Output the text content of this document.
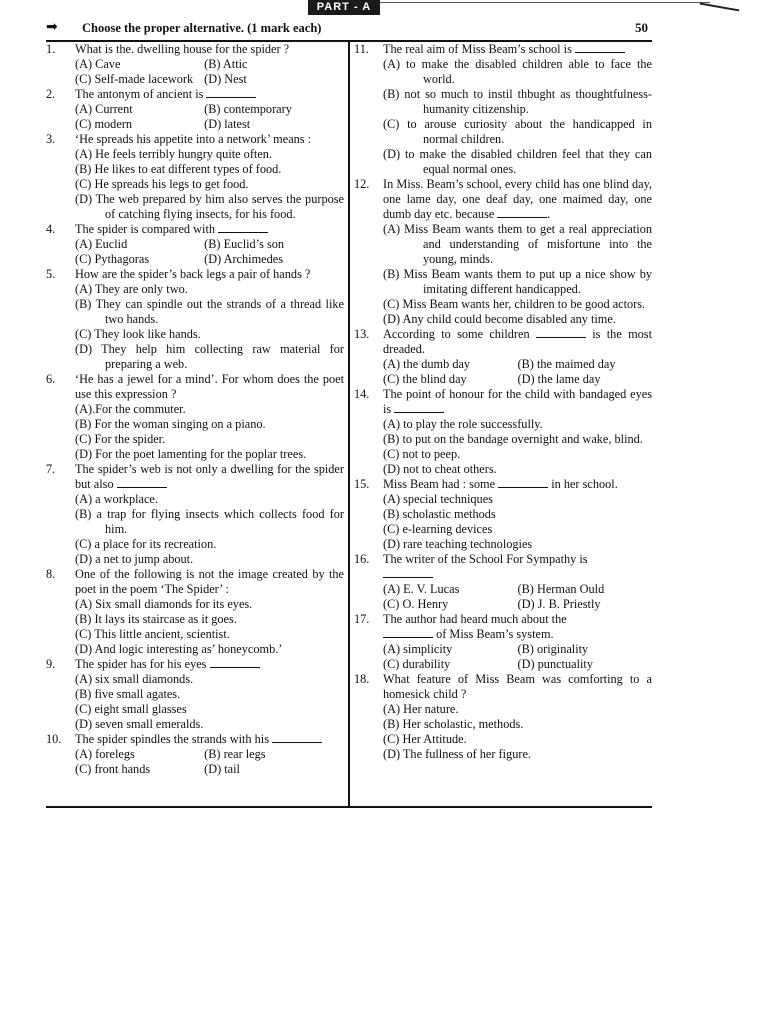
PART - A
➡ Choose the proper alternative. (1 mark each)	50
1. What is the. dwelling house for the spider ?
(A) Cave	(B) Attic
(C) Self-made lacework (D) Nest
2. The antonym of ancient is
(A) Current	(B) contemporary
(C) modern	(D) latest
3. ‘He spreads his appetite into a network’ means :
(A) He feels terribly hungry quite often.
(B) He likes to eat different types of food.
(C) He spreads his legs to get food.
(D) The web prepared by him also serves the purpose of catching flying insects, for his food.
4. The spider is compared with
(A) Euclid	(B) Euclid’s son
(C) Pythagoras	(D) Archimedes
5. How are the spider’s back legs a pair of hands ?
(A) They are only two.
(B) They can spindle out the strands of a thread like two hands.
(C) They look like hands.
(D) They help him collecting raw material for preparing a web.
6. ‘He has a jewel for a mind’. For whom does the poet use this expression ?
(A).For the commuter.
(B) For the woman singing on a piano.
(C) For the spider.
(D) For the poet lamenting for the poplar trees.
7. The spider’s web is not only a dwelling for the spider but also
(A) a workplace.
(B) a trap for flying insects which collects food for him.
(C) a place for its recreation.
(D) a net to jump about.
8. One of the following is not the image created by the poet in the poem ‘The Spider’ :
(A) Six small diamonds for its eyes.
(B) It lays its staircase as it goes.
(C) This little ancient, scientist.
(D) And logic interesting as’ honeycomb.’
9. The spider has for his eyes
(A) six small diamonds.
(B) five small agates.
(C) eight small glasses
(D) seven small emeralds.
10. The spider spindles the strands with his
(A) forelegs	(B) rear legs
(C) front hands	(D) tail
11. The real aim of Miss Beam’s school is
(A) to make the disabled children able to face the world.
(B) not so much to instil thbught as thoughtfulness-humanity citizenship.
(C) to arouse curiosity about the handicapped in normal children.
(D) to make the disabled children feel that they can equal normal ones.
12. In Miss. Beam’s school, every child has one blind day, one lame day, one deaf day, one maimed day, one dumb day etc. because	.
(A) Miss Beam wants them to get a real appreciation and understanding of misfortune into the young, minds.
(B) Miss Beam wants them to put up a nice show by imitating different handicapped.
(C) Miss Beam wants her, children to be good actors.
(D) Any child could become disabled any time.
13. According to some children	is the most dreaded.
(A) the dumb day	(B) the maimed day
(C) the blind day	(D) the lame day
14. The point of honour for the child with bandaged eyes is
(A) to play the role successfully.
(B) to put on the bandage overnight and wake, blind.
(C) not to peep.
(D) not to cheat others.
15. Miss Beam had : some	in her school.
(A) special techniques
(B) scholastic methods
(C) e-learning devices
(D) rare teaching technologies
16. The writer of the School For Sympathy is
(A) E. V. Lucas	(B) Herman Ould
(C) O. Henry	(D) J. B. Priestly
17. The author had heard much about the
of Miss Beam’s system.
(A) simplicity	(B) originality
(C) durability	(D) punctuality
18. What feature of Miss Beam was comforting to a homesick child ?
(A) Her nature.
(B) Her scholastic, methods.
(C) Her Attitude.
(D) The fullness of her figure.
